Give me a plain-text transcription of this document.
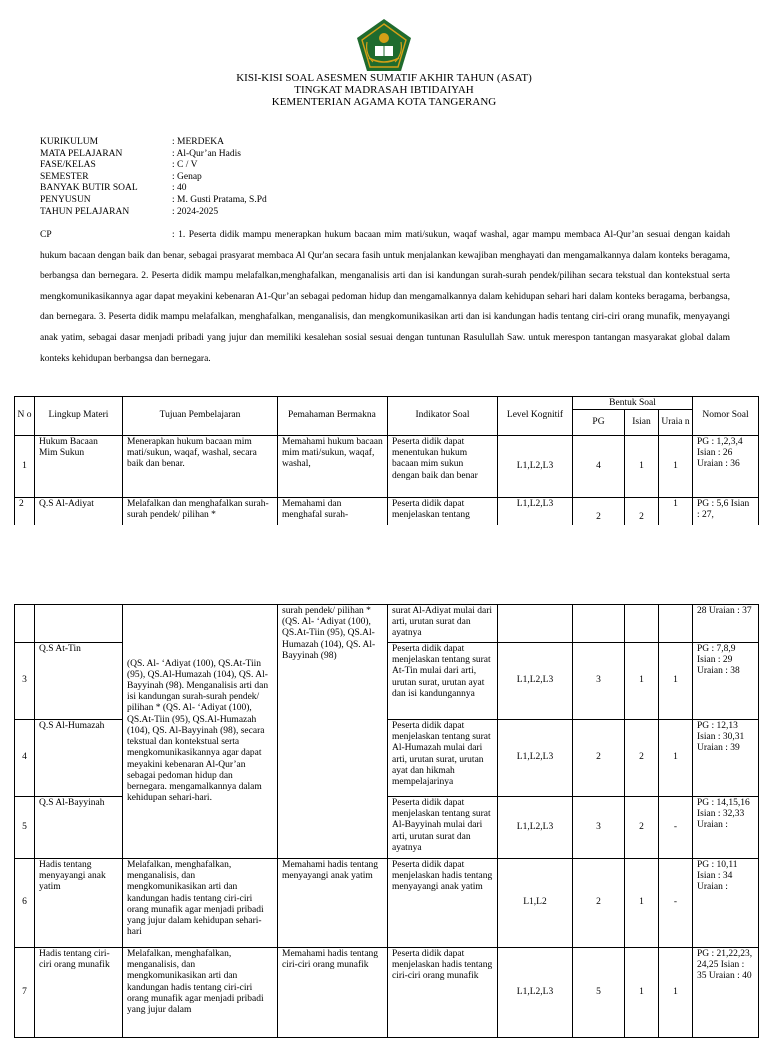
KISI-KISI SOAL ASESMEN SUMATIF AKHIR TAHUN (ASAT)
TINGKAT MADRASAH IBTIDAIYAH
KEMENTERIAN AGAMA KOTA TANGERANG
KURIKULUM	: MERDEKA
MATA PELAJARAN	: Al-Qur’an Hadis
FASE/KELAS	: C / V
SEMESTER	: Genap
BANYAK BUTIR SOAL	: 40
PENYUSUN	: M. Gusti Pratama, S.Pd
TAHUN PELAJARAN	: 2024-2025
CP	: 1. Peserta didik mampu menerapkan hukum bacaan mim mati/sukun, waqaf washal, agar mampu membaca Al-Qur’an sesuai dengan kaidah hukum bacaan dengan baik dan benar, sebagai prasyarat membaca Al Qur'an secara fasih untuk menjalankan kewajiban menghayati dan mengamalkannya dalam konteks beragama, berbangsa dan bernegara. 2. Peserta didik mampu melafalkan,menghafalkan, menganalisis arti dan isi kandungan surah-surah pendek/pilihan secara tekstual dan kontekstual serta mengkomunikasikannya agar dapat meyakini kebenaran A1-Qur’an sebagai pedoman hidup dan mengamalkannya dalam kehidupan sehari hari dalam konteks beragama, berbangsa, dan bernegara. 3. Peserta didik mampu melafalkan, menghafalkan, menganalisis, dan mengkomunikasikan arti dan isi kandungan hadis tentang ciri-ciri orang munafik, menyayangi anak yatim, sebagai dasar menjadi pribadi yang jujur dan memiliki kesalehan sosial sesuai dengan tuntunan Rasulullah Saw. untuk merespon tantangan masyarakat global dalam konteks kehidupan berbangsa dan bernegara.
N o	Lingkup Materi	Tujuan Pembelajaran	Pemahaman Bermakna	Indikator Soal	Level Kognitif	Bentuk Soal			Nomor Soal
						PG	Isian	Uraia n	
1	Hukum Bacaan Mim Sukun	Menerapkan hukum bacaan mim mati/sukun, waqaf, washal, secara baik dan benar.	Memahami hukum bacaan mim mati/sukun, waqaf, washal,	Peserta didik dapat menentukan hukum bacaan mim sukun dengan baik dan benar	L1,L2,L3	4	1	1	PG : 1,2,3,4 Isian : 26 Uraian : 36
2	Q.S Al-Adiyat	Melafalkan dan menghafalkan surah-surah pendek/ pilihan *	Memahami dan menghafal surah-	Peserta didik dapat menjelaskan tentang	L1,L2,L3	2	2	1	PG : 5,6 Isian : 27,
		(QS. Al- ‘Adiyat (100), QS.At-Tiin (95), QS.Al-Humazah (104), QS. Al-Bayyinah (98). Menganalisis arti dan isi kandungan surah-surah pendek/ pilihan * (QS. Al- ‘Adiyat (100), QS.At-Tiin (95), QS.Al-Humazah (104), QS. Al-Bayyinah (98), secara tekstual dan kontekstual serta mengkomunikasikannya agar dapat meyakini kebenaran Al-Qur’an sebagai pedoman hidup dan bernegara. mengamalkannya dalam kehidupan sehari-hari.	surah pendek/ pilihan * (QS. Al- ‘Adiyat (100), QS.At-Tiin (95), QS.Al-Humazah (104), QS. Al-Bayyinah (98)	surat Al-Adiyat mulai dari arti, urutan surat dan ayatnya					28 Uraian : 37
3	Q.S At-Tin			Peserta didik dapat menjelaskan tentang surat At-Tin mulai dari arti, urutan surat, urutan ayat dan isi kandungannya	L1,L2,L3	3	1	1	PG : 7,8,9 Isian : 29 Uraian : 38
4	Q.S Al-Humazah			Peserta didik dapat menjelaskan tentang surat Al-Humazah mulai dari arti, urutan surat, urutan ayat dan hikmah mempelajarinya	L1,L2,L3	2	2	1	PG : 12,13 Isian : 30,31 Uraian : 39
5	Q.S Al-Bayyinah			Peserta didik dapat menjelaskan tentang surat Al-Bayyinah mulai dari arti, urutan surat dan ayatnya	L1,L2,L3	3	2	-	PG : 14,15,16 Isian : 32,33 Uraian :
6	Hadis tentang menyayangi anak yatim	Melafalkan, menghafalkan, menganalisis, dan mengkomunikasikan arti dan kandungan hadis tentang ciri-ciri orang munafik agar menjadi pribadi yang jujur dalam kehidupan sehari-hari	Memahami hadis tentang menyayangi anak yatim	Peserta didik dapat menjelaskan hadis tentang menyayangi anak yatim	L1,L2	2	1	-	PG : 10,11 Isian : 34 Uraian :
7	Hadis tentang ciri-ciri orang munafik	Melafalkan, menghafalkan, menganalisis, dan mengkomunikasikan arti dan kandungan hadis tentang ciri-ciri orang munafik agar menjadi pribadi yang jujur dalam	Memahami hadis tentang ciri-ciri orang munafik	Peserta didik dapat menjelaskan hadis tentang ciri-ciri orang munafik	L1,L2,L3	5	1	1	PG : 21,22,23, 24,25 Isian : 35 Uraian : 40
